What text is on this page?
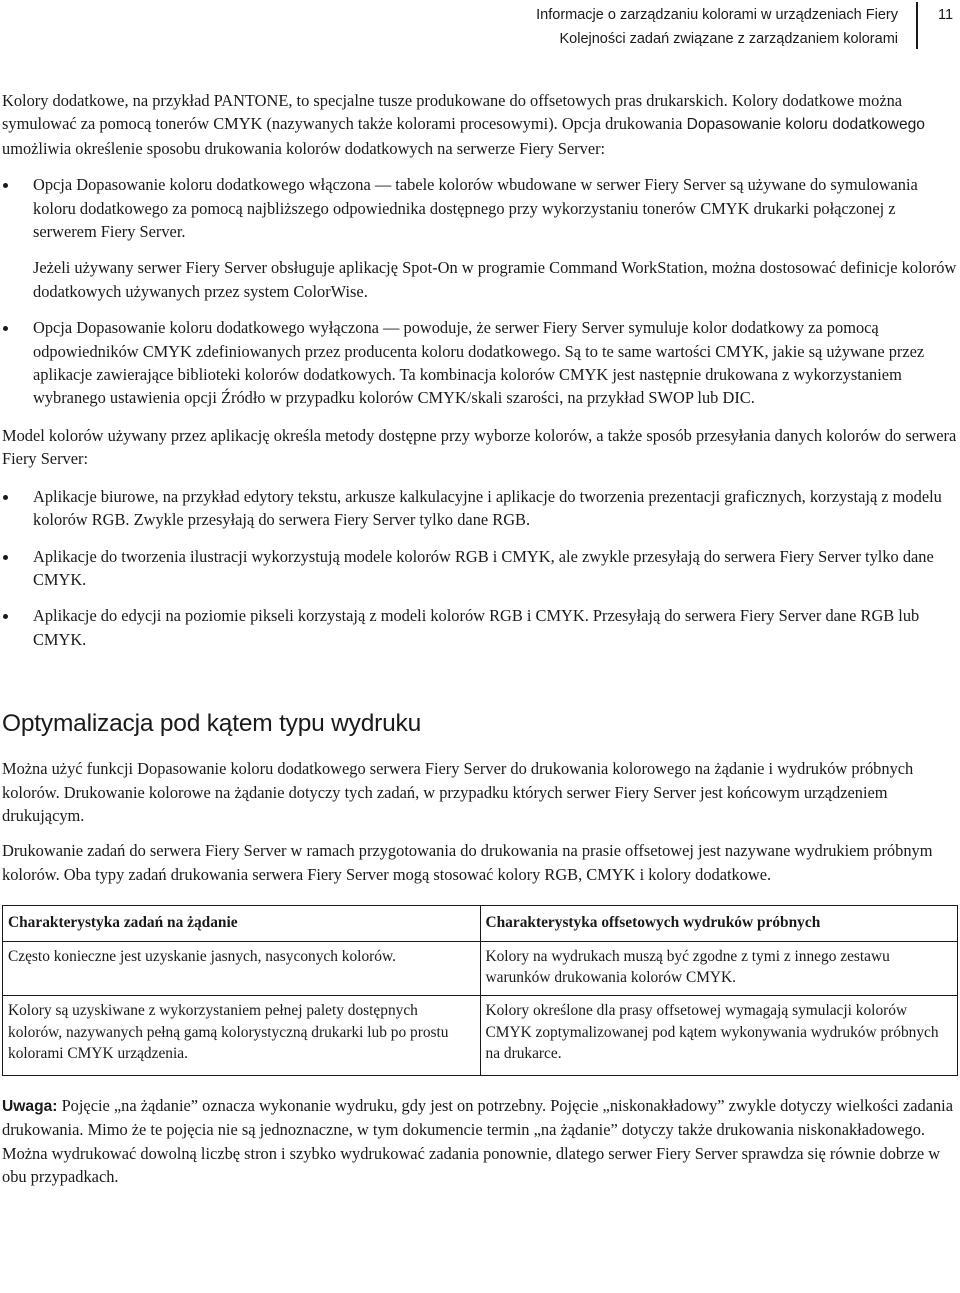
Informacje o zarządzaniu kolorami w urządzeniach Fiery
Kolejności zadań związane z zarządzaniem kolorami
11

Kolory dodatkowe, na przykład PANTONE, to specjalne tusze produkowane do offsetowych pras drukarskich. Kolory dodatkowe można symulować za pomocą tonerów CMYK (nazywanych także kolorami procesowymi). Opcja drukowania Dopasowanie koloru dodatkowego umożliwia określenie sposobu drukowania kolorów dodatkowych na serwerze Fiery Server:

Opcja Dopasowanie koloru dodatkowego włączona — tabele kolorów wbudowane w serwer Fiery Server są używane do symulowania koloru dodatkowego za pomocą najbliższego odpowiednika dostępnego przy wykorzystaniu tonerów CMYK drukarki połączonej z serwerem Fiery Server.

Jeżeli używany serwer Fiery Server obsługuje aplikację Spot-On w programie Command WorkStation, można dostosować definicje kolorów dodatkowych używanych przez system ColorWise.

Opcja Dopasowanie koloru dodatkowego wyłączona — powoduje, że serwer Fiery Server symuluje kolor dodatkowy za pomocą odpowiedników CMYK zdefiniowanych przez producenta koloru dodatkowego. Są to te same wartości CMYK, jakie są używane przez aplikacje zawierające biblioteki kolorów dodatkowych. Ta kombinacja kolorów CMYK jest następnie drukowana z wykorzystaniem wybranego ustawienia opcji Źródło w przypadku kolorów CMYK/skali szarości, na przykład SWOP lub DIC.

Model kolorów używany przez aplikację określa metody dostępne przy wyborze kolorów, a także sposób przesyłania danych kolorów do serwera Fiery Server:

Aplikacje biurowe, na przykład edytory tekstu, arkusze kalkulacyjne i aplikacje do tworzenia prezentacji graficznych, korzystają z modelu kolorów RGB. Zwykle przesyłają do serwera Fiery Server tylko dane RGB.
Aplikacje do tworzenia ilustracji wykorzystują modele kolorów RGB i CMYK, ale zwykle przesyłają do serwera Fiery Server tylko dane CMYK.
Aplikacje do edycji na poziomie pikseli korzystają z modeli kolorów RGB i CMYK. Przesyłają do serwera Fiery Server dane RGB lub CMYK.
Optymalizacja pod kątem typu wydruku

Można użyć funkcji Dopasowanie koloru dodatkowego serwera Fiery Server do drukowania kolorowego na żądanie i wydruków próbnych kolorów. Drukowanie kolorowe na żądanie dotyczy tych zadań, w przypadku których serwer Fiery Server jest końcowym urządzeniem drukującym.

Drukowanie zadań do serwera Fiery Server w ramach przygotowania do drukowania na prasie offsetowej jest nazywane wydrukiem próbnym kolorów. Oba typy zadań drukowania serwera Fiery Server mogą stosować kolory RGB, CMYK i kolory dodatkowe.

Charakterystyka zadań na żądanie	Charakterystyka offsetowych wydruków próbnych
Często konieczne jest uzyskanie jasnych, nasyconych kolorów.	Kolory na wydrukach muszą być zgodne z tymi z innego zestawu warunków drukowania kolorów CMYK.
Kolory są uzyskiwane z wykorzystaniem pełnej palety dostępnych kolorów, nazywanych pełną gamą kolorystyczną drukarki lub po prostu kolorami CMYK urządzenia.	Kolory określone dla prasy offsetowej wymagają symulacji kolorów CMYK zoptymalizowanej pod kątem wykonywania wydruków próbnych na drukarce.

Uwaga: Pojęcie „na żądanie” oznacza wykonanie wydruku, gdy jest on potrzebny. Pojęcie „niskonakładowy” zwykle dotyczy wielkości zadania drukowania. Mimo że te pojęcia nie są jednoznaczne, w tym dokumencie termin „na żądanie” dotyczy także drukowania niskonakładowego. Można wydrukować dowolną liczbę stron i szybko wydrukować zadania ponownie, dlatego serwer Fiery Server sprawdza się równie dobrze w obu przypadkach.
